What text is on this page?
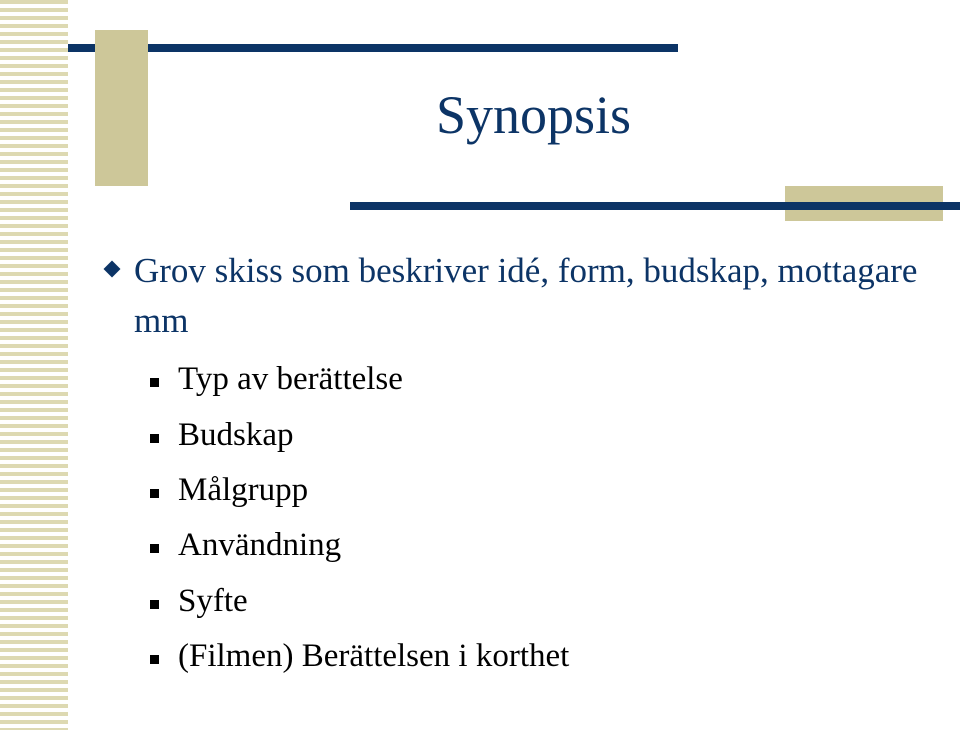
Synopsis
Grov skiss som beskriver idé, form, budskap, mottagare mm
Typ av berättelse
Budskap
Målgrupp
Användning
Syfte
(Filmen) Berättelsen i korthet
